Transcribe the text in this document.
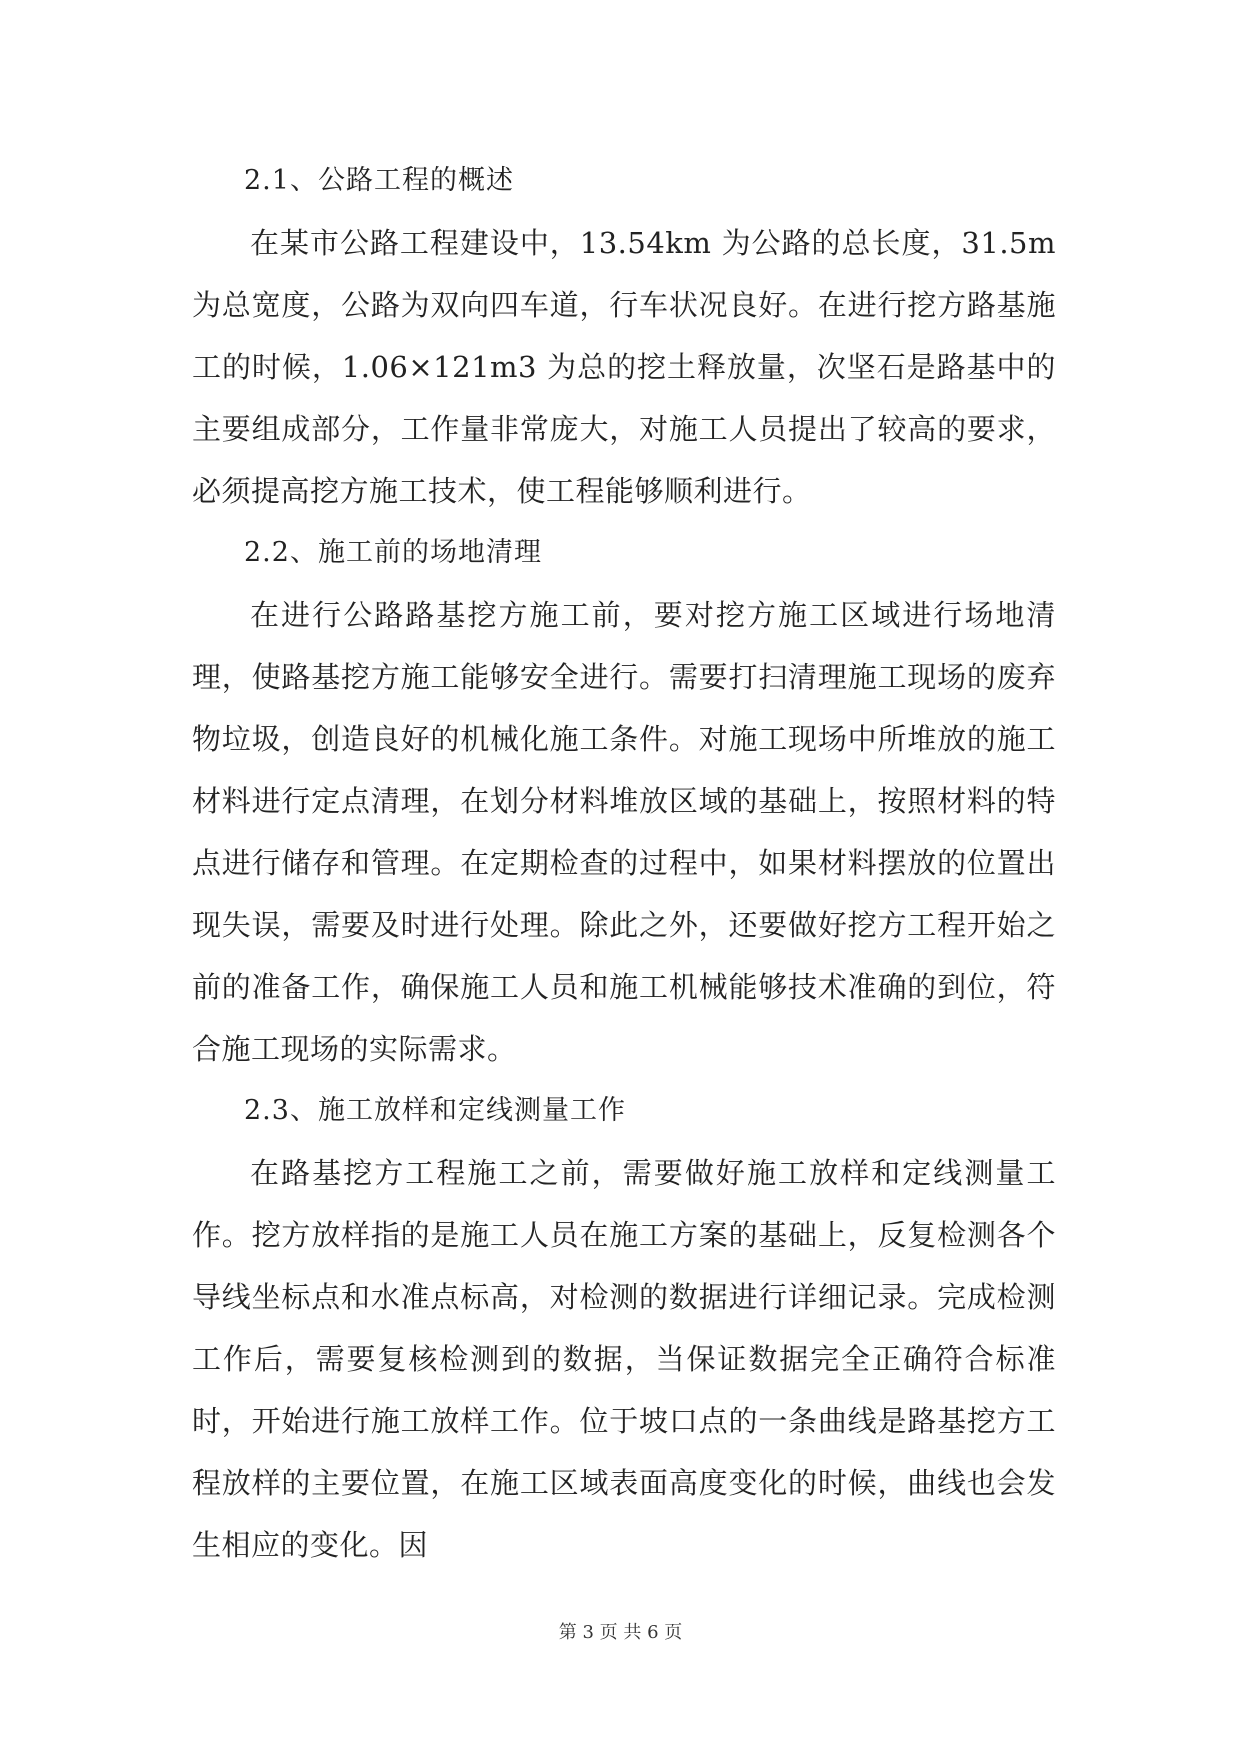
2.1、公路工程的概述

在某市公路工程建设中，13.54km 为公路的总长度，31.5m 为总宽度，公路为双向四车道，行车状况良好。在进行挖方路基施工的时候，1.06×121m3 为总的挖土释放量，次坚石是路基中的主要组成部分，工作量非常庞大，对施工人员提出了较高的要求，必须提高挖方施工技术，使工程能够顺利进行。

2.2、施工前的场地清理

在进行公路路基挖方施工前，要对挖方施工区域进行场地清理，使路基挖方施工能够安全进行。需要打扫清理施工现场的废弃物垃圾，创造良好的机械化施工条件。对施工现场中所堆放的施工材料进行定点清理，在划分材料堆放区域的基础上，按照材料的特点进行储存和管理。在定期检查的过程中，如果材料摆放的位置出现失误，需要及时进行处理。除此之外，还要做好挖方工程开始之前的准备工作，确保施工人员和施工机械能够技术准确的到位，符合施工现场的实际需求。

2.3、施工放样和定线测量工作

在路基挖方工程施工之前，需要做好施工放样和定线测量工作。挖方放样指的是施工人员在施工方案的基础上，反复检测各个导线坐标点和水准点标高，对检测的数据进行详细记录。完成检测工作后，需要复核检测到的数据，当保证数据完全正确符合标准时，开始进行施工放样工作。位于坡口点的一条曲线是路基挖方工程放样的主要位置，在施工区域表面高度变化的时候，曲线也会发生相应的变化。因

第 3 页 共 6 页
